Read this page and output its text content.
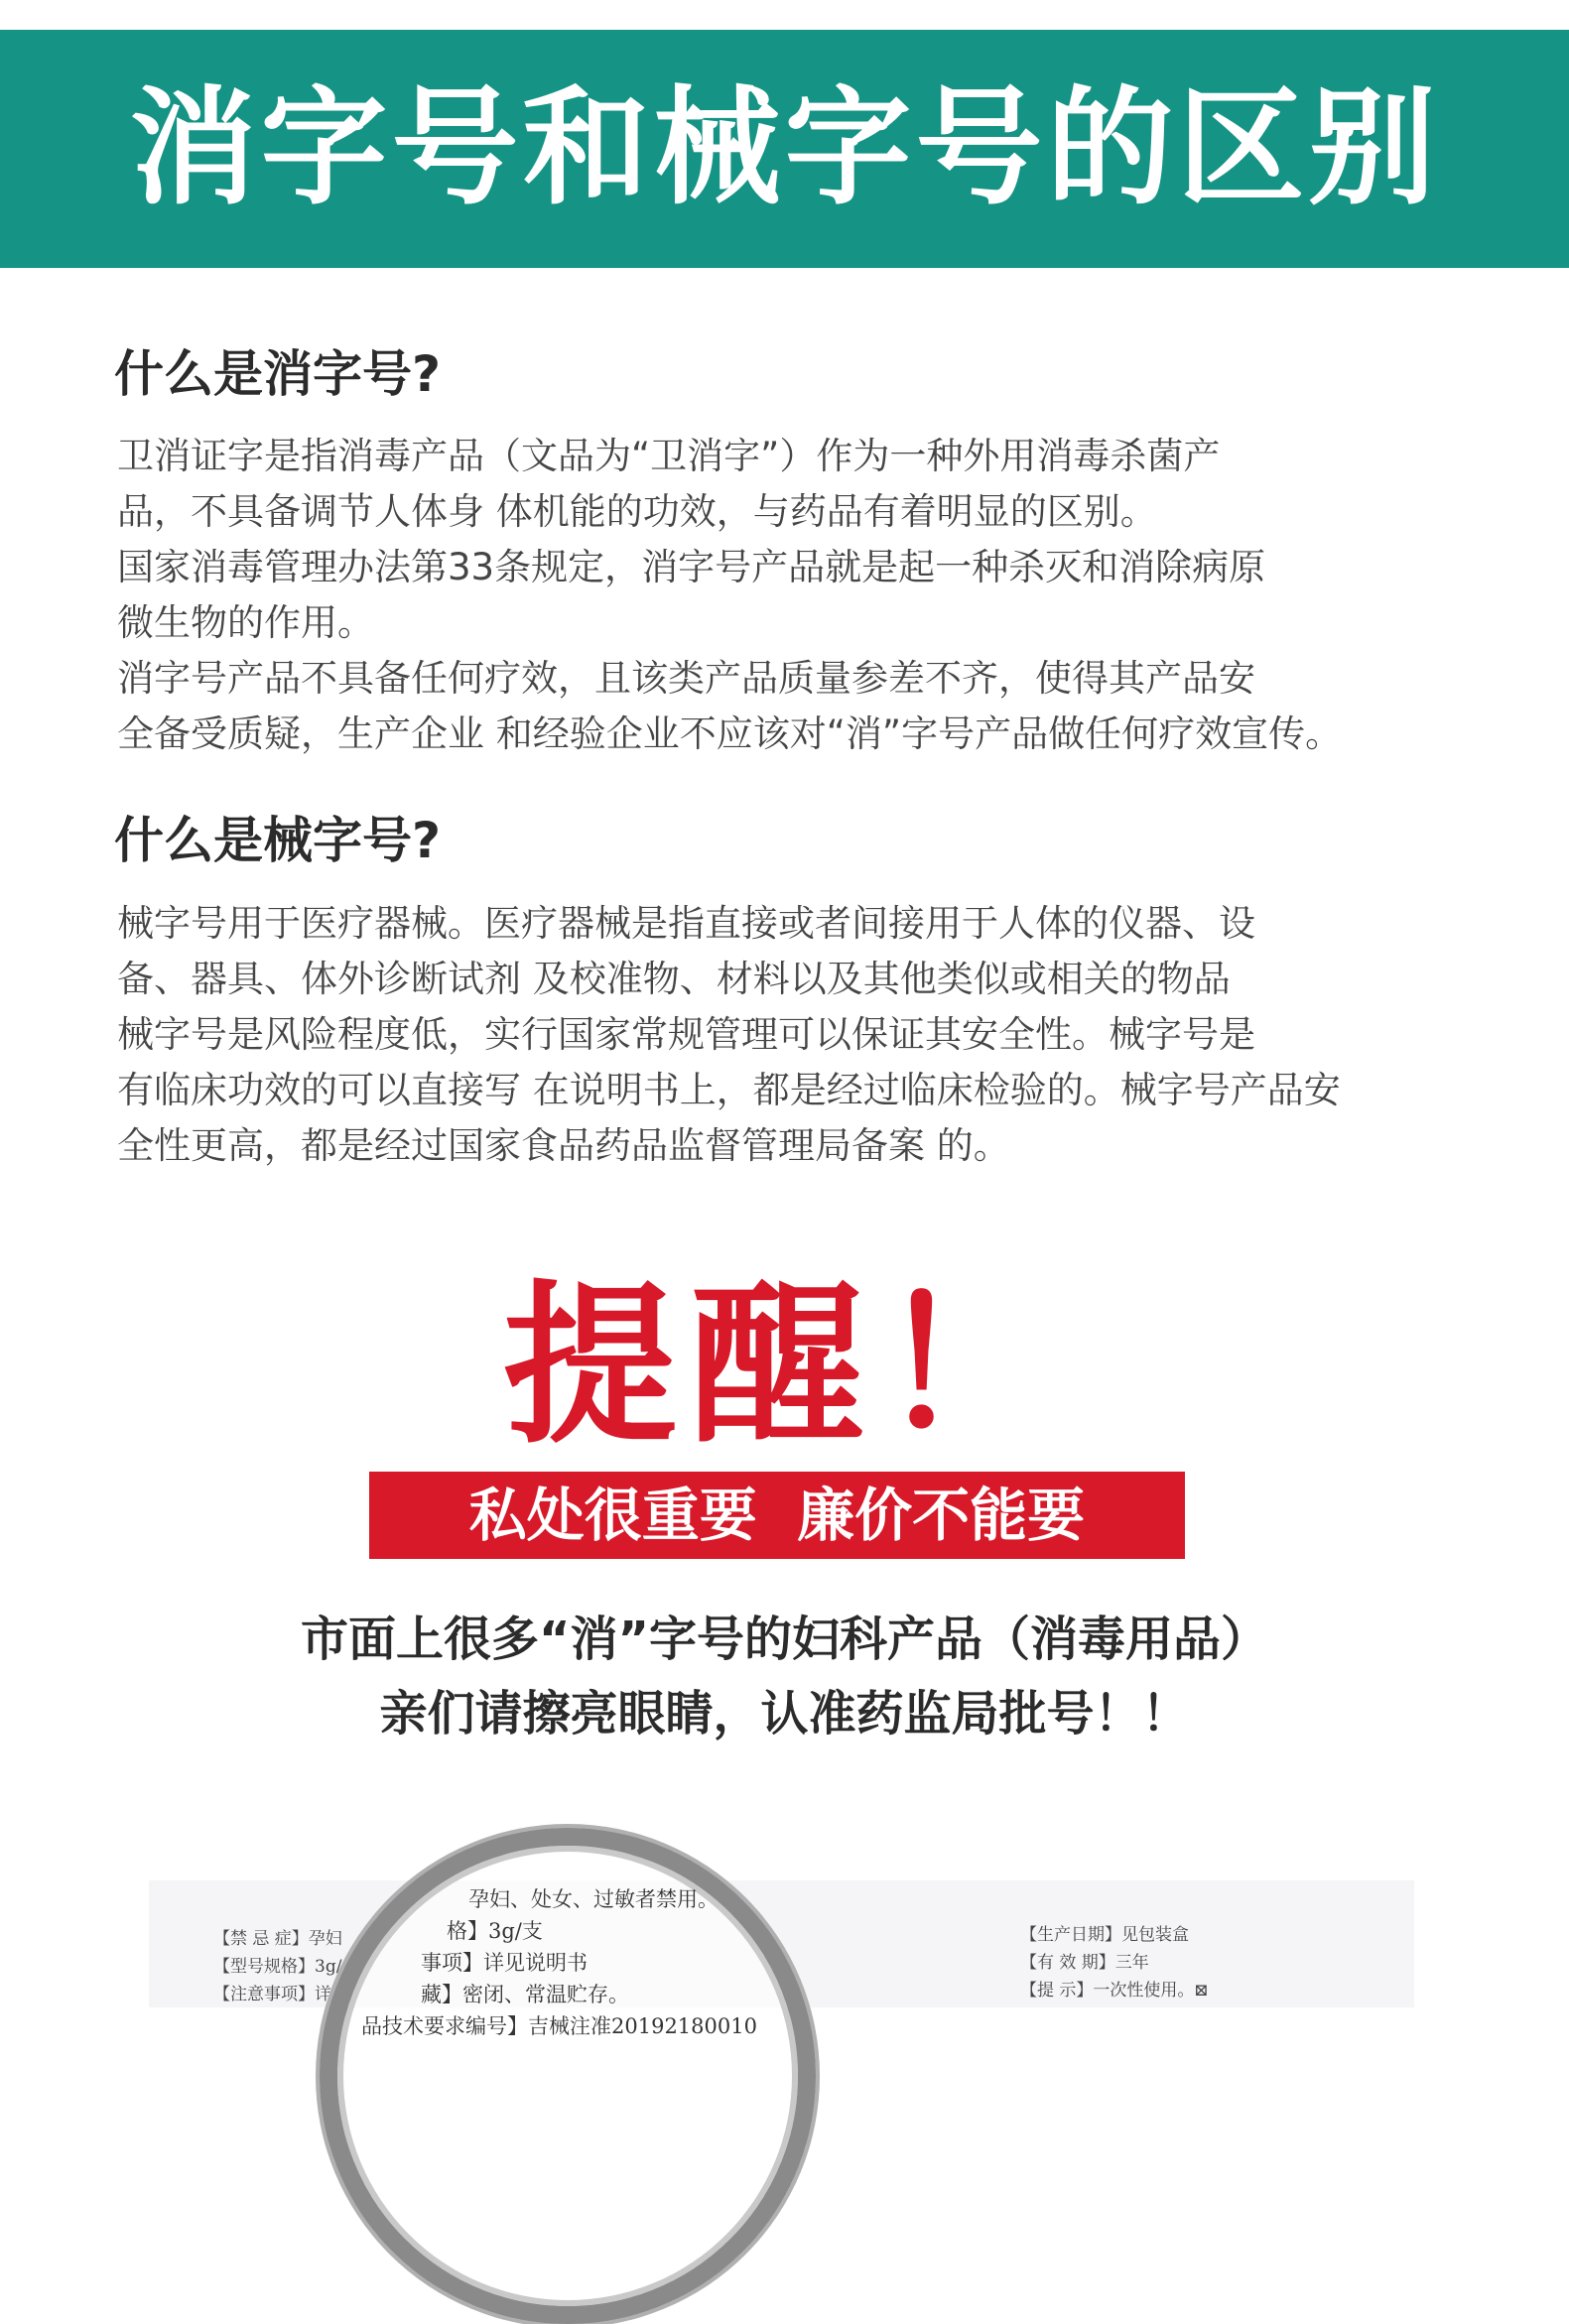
消字号和械字号的区别
什么是消字号?
卫消证字是指消毒产品（文品为“卫消字”）作为一种外用消毒杀菌产
品，不具备调节人体身 体机能的功效，与药品有着明显的区别。
国家消毒管理办法第33条规定，消字号产品就是起一种杀灭和消除病原
微生物的作用。
消字号产品不具备任何疗效，且该类产品质量参差不齐，使得其产品安
全备受质疑，生产企业 和经验企业不应该对“消”字号产品做任何疗效宣传。
什么是械字号?
械字号用于医疗器械。医疗器械是指直接或者间接用于人体的仪器、设
备、器具、体外诊断试剂 及校准物、材料以及其他类似或相关的物品
械字号是风险程度低，实行国家常规管理可以保证其安全性。械字号是
有临床功效的可以直接写 在说明书上，都是经过临床检验的。械字号产品安
全性更高，都是经过国家食品药品监督管理局备案 的。
提醒！
私处很重要  廉价不能要
市面上很多“消”字号的妇科产品（消毒用品）
亲们请擦亮眼睛，认准药监局批号！！
【禁 忌 症】孕妇
【型号规格】3g/
【注意事项】详
【生产日期】见包装盒
【有 效 期】三年
【提 示】一次性使用。⊠
孕妇、处女、过敏者禁用。
格】3g/支
事项】详见说明书
藏】密闭、常温贮存。
品技术要求编号】吉械注准20192180010
